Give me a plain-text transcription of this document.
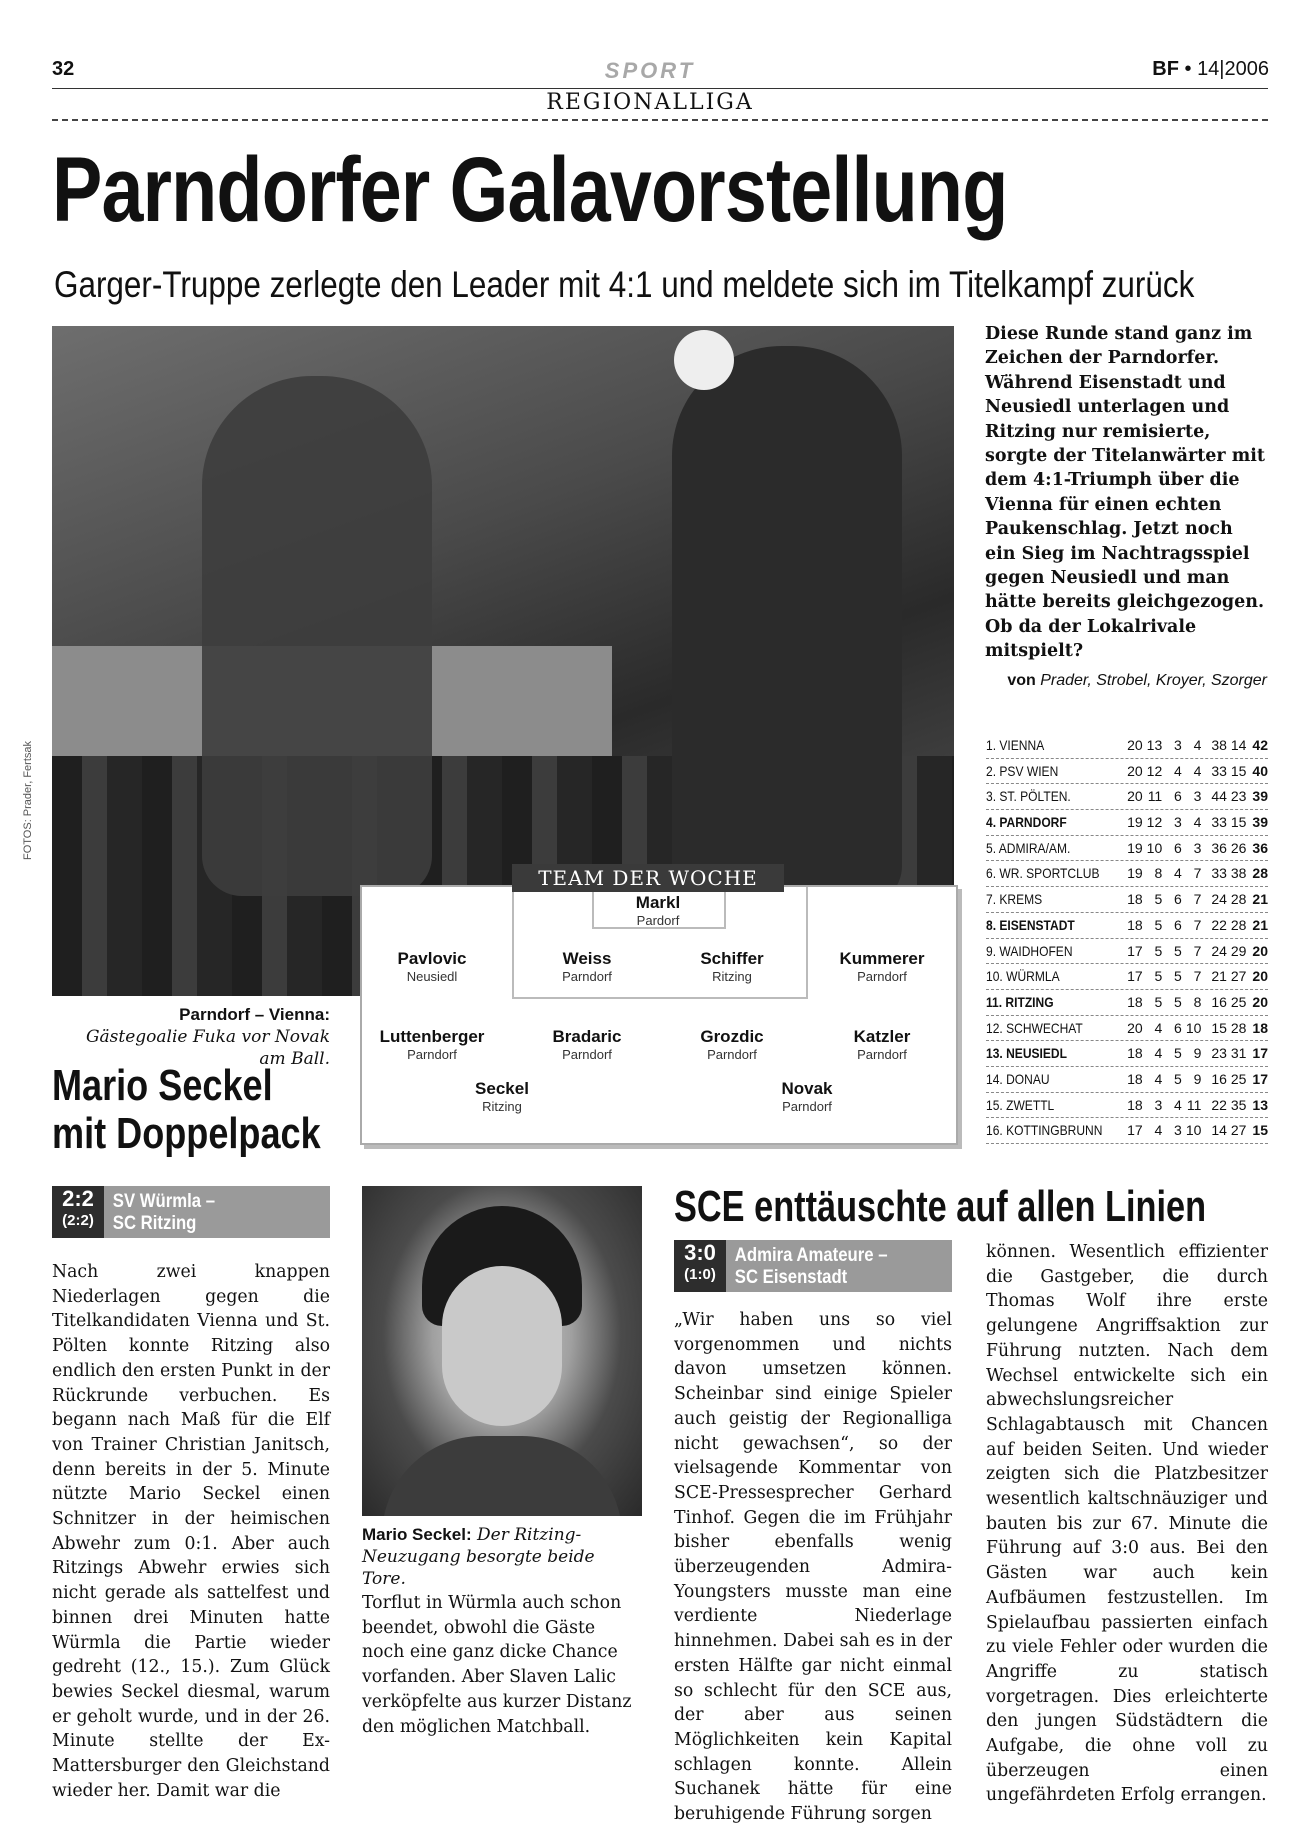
32	SPORT	BF • 14|2006
REGIONALLIGA
Parndorfer Galavorstellung
Garger-Truppe zerlegte den Leader mit 4:1 und meldete sich im Titelkampf zurück
FOTOS: Prader, Fertsak
Parndorf – Vienna: Gästegoalie Fuka vor Novak am Ball.
Markl
Pardorf
Pavlovic
Neusiedl
Weiss
Parndorf
Schiffer
Ritzing
Kummerer
Parndorf
Luttenberger
Parndorf
Bradaric
Parndorf
Grozdic
Parndorf
Katzler
Parndorf
Seckel
Ritzing
Novak
Parndorf
TEAM DER WOCHE
Mario Seckel
mit Doppelpack
Diese Runde stand ganz im Zeichen der Parndorfer. Während Eisenstadt und Neusiedl unterlagen und Ritzing nur remisierte, sorgte der Titelanwärter mit dem 4:1-Triumph über die Vienna für einen echten Paukenschlag. Jetzt noch ein Sieg im Nachtragsspiel gegen Neusiedl und man hätte bereits gleichgezogen. Ob da der Lokalrivale mitspielt?
von Prader, Strobel, Kroyer, Szorger
1. VIENNA	20 13 3 4 38 14 42
2. PSV WIEN	20 12 4 4 33 15 40
3. ST. PÖLTEN.	20 11 6 3 44 23 39
4. PARNDORF	19 12 3 4 33 15 39
5. ADMIRA/AM.	19 10 6 3 36 26 36
6. WR. SPORTCLUB	19 8 4 7 33 38 28
7. KREMS	18 5 6 7 24 28 21
8. EISENSTADT	18 5 6 7 22 28 21
9. WAIDHOFEN	17 5 5 7 24 29 20
10. WÜRMLA	17 5 5 7 21 27 20
11. RITZING	18 5 5 8 16 25 20
12. SCHWECHAT	20 4 6 10 15 28 18
13. NEUSIEDL	18 4 5 9 23 31 17
14. DONAU	18 4 5 9 16 25 17
15. ZWETTL	18 3 4 11 22 35 13
16. KOTTINGBRUNN 17 4 3 10 14 27 15
2:2
(2:2)
SV Würmla –
SC Ritzing
Nach zwei knappen Niederlagen gegen die Titelkandidaten Vienna und St. Pölten konnte Ritzing also endlich den ersten Punkt in der Rückrunde verbuchen. Es begann nach Maß für die Elf von Trainer Christian Janitsch, denn bereits in der 5. Minute nützte Mario Seckel einen Schnitzer in der heimischen Abwehr zum 0:1. Aber auch Ritzings Abwehr erwies sich nicht gerade als sattelfest und binnen drei Minuten hatte Würmla die Partie wieder gedreht (12., 15.). Zum Glück bewies Seckel diesmal, warum er geholt wurde, und in der 26. Minute stellte der Ex-Mattersburger den Gleichstand wieder her. Damit war die
Mario Seckel: Der Ritzing-Neuzugang besorgte beide Tore.
Torflut in Würmla auch schon beendet, obwohl die Gäste noch eine ganz dicke Chance vorfanden. Aber Slaven Lalic verköpfelte aus kurzer Distanz den möglichen Matchball.
SCE enttäuschte auf allen Linien
3:0
(1:0)
Admira Amateure –
SC Eisenstadt
„Wir haben uns so viel vorgenommen und nichts davon umsetzen können. Scheinbar sind einige Spieler auch geistig der Regionalliga nicht gewachsen“, so der vielsagende Kommentar von SCE-Pressesprecher Gerhard Tinhof. Gegen die im Frühjahr bisher ebenfalls wenig überzeugenden Admira-Youngsters musste man eine verdiente Niederlage hinnehmen. Dabei sah es in der ersten Hälfte gar nicht einmal so schlecht für den SCE aus, der aber aus seinen Möglichkeiten kein Kapital schlagen konnte. Allein Suchanek hätte für eine beruhigende Führung sorgen
können. Wesentlich effizienter die Gastgeber, die durch Thomas Wolf ihre erste gelungene Angriffsaktion zur Führung nutzten. Nach dem Wechsel entwickelte sich ein abwechslungsreicher Schlagabtausch mit Chancen auf beiden Seiten. Und wieder zeigten sich die Platzbesitzer wesentlich kaltschnäuziger und bauten bis zur 67. Minute die Führung auf 3:0 aus. Bei den Gästen war auch kein Aufbäumen festzustellen. Im Spielaufbau passierten einfach zu viele Fehler oder wurden die Angriffe zu statisch vorgetragen. Dies erleichterte den jungen Südstädtern die Aufgabe, die ohne voll zu überzeugen einen ungefährdeten Erfolg errangen.
